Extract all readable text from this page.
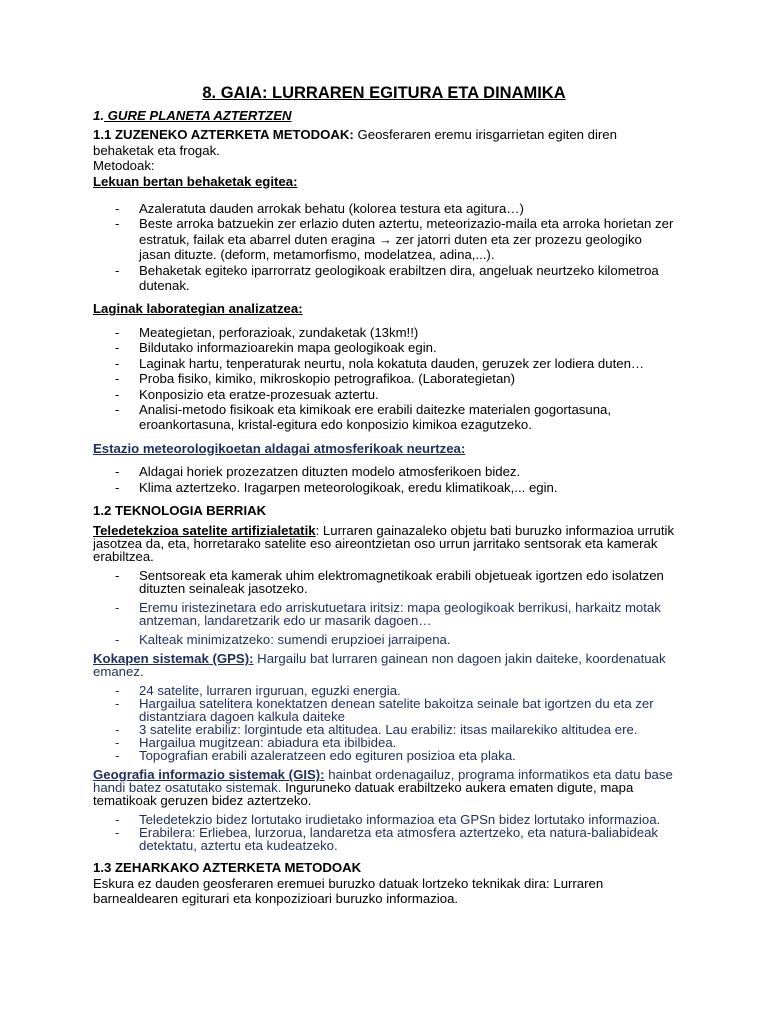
8. GAIA: LURRAREN EGITURA ETA DINAMIKA

1. GURE PLANETA AZTERTZEN

1.1 ZUZENEKO AZTERKETA METODOAK: Geosferaren eremu irisgarrietan egiten diren behaketak eta frogak.

Metodoak:

Lekuan bertan behaketak egitea:

- Azaleratuta dauden arrokak behatu (kolorea testura eta agitura…)
- Beste arroka batzuekin zer erlazio duten aztertu, meteorizazio-maila eta arroka horietan zer estratuk, failak eta abarrel duten eragina → zer jatorri duten eta zer prozezu geologiko jasan dituzte. (deform, metamorfismo, modelatzea, adina,...).
- Behaketak egiteko iparrorratz geologikoak erabiltzen dira, angeluak neurtzeko kilometroa dutenak.

Laginak laborategian analizatzea:

- Meategietan, perforazioak, zundaketak (13km!!)
- Bildutako informazioarekin mapa geologikoak egin.
- Laginak hartu, tenperaturak neurtu, nola kokatuta dauden, geruzek zer lodiera duten…
- Proba fisiko, kimiko, mikroskopio petrografikoa. (Laborategietan)
- Konposizio eta eratze-prozesuak aztertu.
- Analisi-metodo fisikoak eta kimikoak ere erabili daitezke materialen gogortasuna, eroankortasuna, kristal-egitura edo konposizio kimikoa ezagutzeko.

Estazio meteorologikoetan aldagai atmosferikoak neurtzea:

- Aldagai horiek prozezatzen dituzten modelo atmosferikoen bidez.
- Klima aztertzeko. Iragarpen meteorologikoak, eredu klimatikoak,... egin.

1.2 TEKNOLOGIA BERRIAK

Teledetekzioa satelite artifizialetatik: Lurraren gainazaleko objetu bati buruzko informazioa urrutik jasotzea da, eta, horretarako satelite eso aireontzietan oso urrun jarritako sentsorak eta kamerak erabiltzea.

- Sentsoreak eta kamerak uhim elektromagnetikoak erabili objetueak igortzen edo isolatzen dituzten seinaleak jasotzeko.
- Eremu iristezinetara edo arriskutuetara iritsiz: mapa geologikoak berrikusi, harkaitz motak antzeman, landaretzarik edo ur masarik dagoen…
- Kalteak minimizatzeko: sumendi erupzioei jarraipena.

Kokapen sistemak (GPS): Hargailu bat lurraren gainean non dagoen jakin daiteke, koordenatuak emanez.

- 24 satelite, lurraren irguruan, eguzki energia.
- Hargailua satelitera konektatzen denean satelite bakoitza seinale bat igortzen du eta zer distantziara dagoen kalkula daiteke
- 3 satelite erabiliz: lorgintude eta altitudea. Lau erabiliz: itsas mailarekiko altitudea ere.
- Hargailua mugitzean: abiadura eta ibilbidea.
- Topografian erabili azaleratzeen edo egituren posizioa eta plaka.

Geografia informazio sistemak (GIS): hainbat ordenagailuz, programa informatikos eta datu base handi batez osatutako sistemak. Inguruneko datuak erabiltzeko aukera ematen digute, mapa tematikoak geruzen bidez aztertzeko.

- Teledetekzio bidez lortutako irudietako informazioa eta GPSn bidez lortutako informazioa.
- Erabilera: Erliebea, lurzorua, landaretza eta atmosfera aztertzeko, eta natura-baliabideak detektatu, aztertu eta kudeatzeko.

1.3 ZEHARKAKO AZTERKETA METODOAK

Eskura ez dauden geosferaren eremuei buruzko datuak lortzeko teknikak dira: Lurraren barnealdearen egiturari eta konpozizioari buruzko informazioa.
